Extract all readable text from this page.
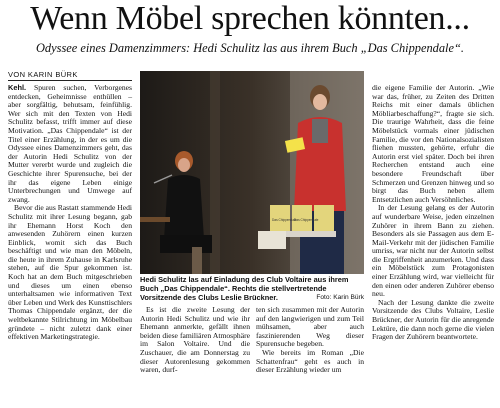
Wenn Möbel sprechen könnten...
Odyssee eines Damenzimmers: Hedi Schulitz las aus ihrem Buch „Das Chippendale“.
VON KARIN BÜRK

Kehl. Spuren suchen, Verborgenes entdecken, Geheimnisse enthüllen – aber sorgfältig, behutsam, feinfühlig. Wer sich mit den Texten von Hedi Schulitz befasst, trifft immer auf diese Motivation. „Das Chippendale“ ist der Titel einer Erzählung, in der es um die Odyssee eines Damenzimmers geht, das der Autorin Hedi Schulitz von der Mutter vererbt wurde und zugleich die Geschichte ihrer Spurensuche, bei der ihr das eigene Leben einige Unterbrechungen und Umwege auf zwang.

Bevor die aus Rastatt stammende Hedi Schulitz mit ihrer Lesung begann, gab ihr Ehemann Horst Koch den anwesenden Zuhörern einen kurzen Einblick, womit sich das Buch beschäftigt und wie man den Möbeln, die heute in ihrem Zuhause in Karlsruhe stehen, auf die Spur gekommen ist. Koch hat an dem Buch mitgeschrieben und dieses um einen ebenso unterhaltsamen wie informativen Text über Leben und Werk des Kunsttischlers Thomas Chippendale ergänzt, der die weltbekannte Stilrichtung im Möbelbau gründete – nicht zuletzt dank einer effektiven Marketingstrategie.

Das Chippendale
Das Chippendale
Hedi Schulitz las auf Einladung des Club Voltaire aus ihrem Buch „Das Chippendale“. Rechts die stellvertretende Vorsitzende des Clubs Leslie Brückner.	Foto: Karin Bürk

Es ist die zweite Lesung der Autorin Hedi Schulitz und wie ihr Ehemann anmerkte, gefällt ihnen beiden diese familiären Atmosphäre im Salon Voltaire. Und die Zuschauer, die am Donnerstag zu dieser Autorenlesung gekommen waren, durf-

ten sich zusammen mit der Autorin auf den langwierigen und zum Teil mühsamen, aber auch faszinierenden Weg dieser Spurensuche begeben.

Wie bereits im Roman „Die Schattenfrau“ geht es auch in dieser Erzählung wieder um

die eigene Familie der Autorin. „Wie war das, früher, zu Zeiten des Dritten Reichs mit einer damals üblichen Möbliarbeschaffung?“, fragte sie sich. Die traurige Wahrheit, dass die feine Möbelstück vormals einer jüdischen Familie, die vor den Nationalsozialisten fliehen mussten, gehörte, erfuhr die Autorin erst viel später. Doch bei ihren Recherchen entstand auch eine besondere Freundschaft über Schmerzen und Grenzen hinweg und so birgt das Buch neben allem Entsetzlichen auch Versöhnliches.

In der Lesung gelang es der Autorin auf wunderbare Weise, jeden einzelnen Zuhörer in ihrem Bann zu ziehen. Besonders als sie Passagen aus dem E-Mail-Verkehr mit der jüdischen Familie umriss, war nicht nur der Autorin selbst die Ergriffenheit anzumerken. Und dass ein Möbelstück zum Protagonisten einer Erzählung wird, war vielleicht für den einen oder anderen Zuhörer ebenso neu.

Nach der Lesung dankte die zweite Vorsitzende des Clubs Voltaire, Leslie Brückner, der Autorin für die anregende Lektüre, die dann noch gerne die vielen Fragen der Zuhörern beantwortete.
